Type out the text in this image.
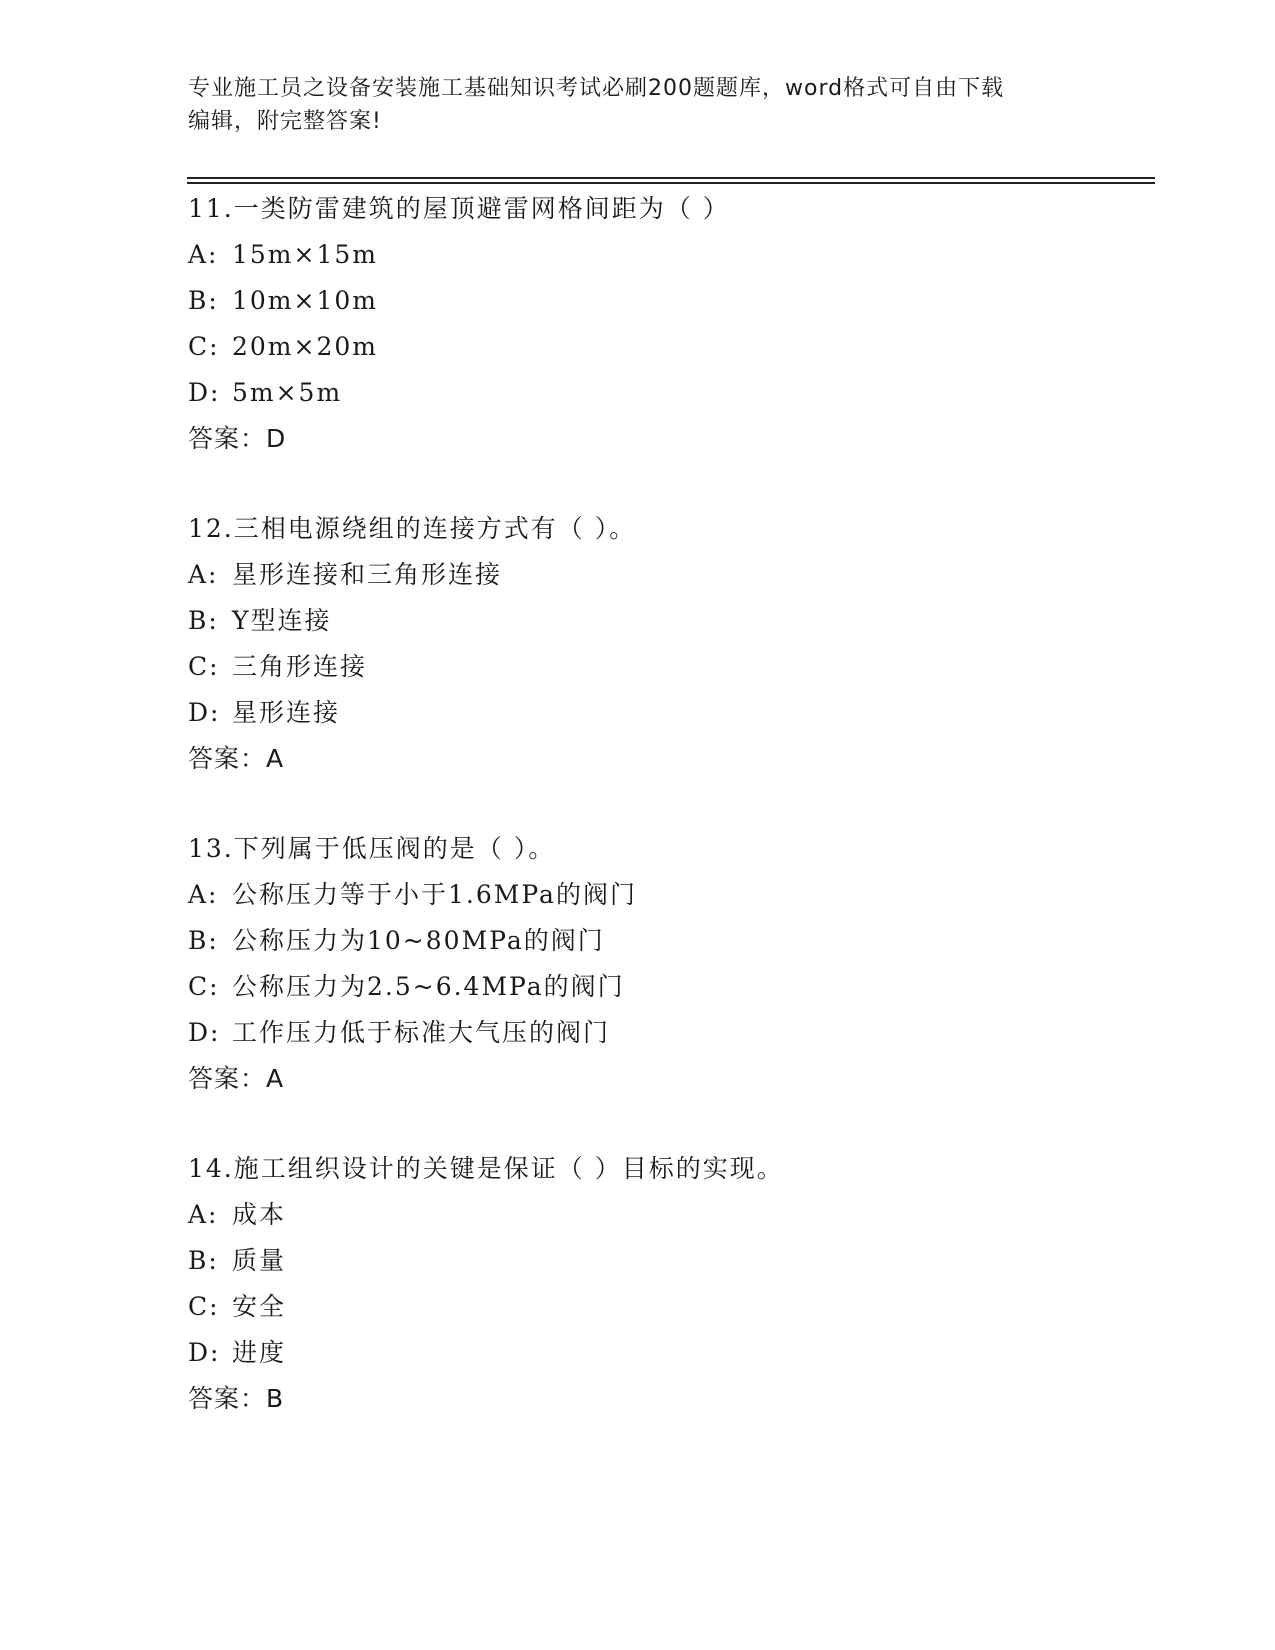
专业施工员之设备安装施工基础知识考试必刷200题题库，word格式可自由下载
编辑，附完整答案!
11.一类防雷建筑的屋顶避雷网格间距为（ ）
A: 15m×15m
B: 10m×10m
C: 20m×20m
D: 5m×5m
答案：D
12.三相电源绕组的连接方式有（ ）。
A: 星形连接和三角形连接
B: Y型连接
C: 三角形连接
D: 星形连接
答案：A
13.下列属于低压阀的是（ ）。
A: 公称压力等于小于1.6MPa的阀门
B: 公称压力为10~80MPa的阀门
C: 公称压力为2.5~6.4MPa的阀门
D: 工作压力低于标准大气压的阀门
答案：A
14.施工组织设计的关键是保证（ ）目标的实现。
A: 成本
B: 质量
C: 安全
D: 进度
答案：B
